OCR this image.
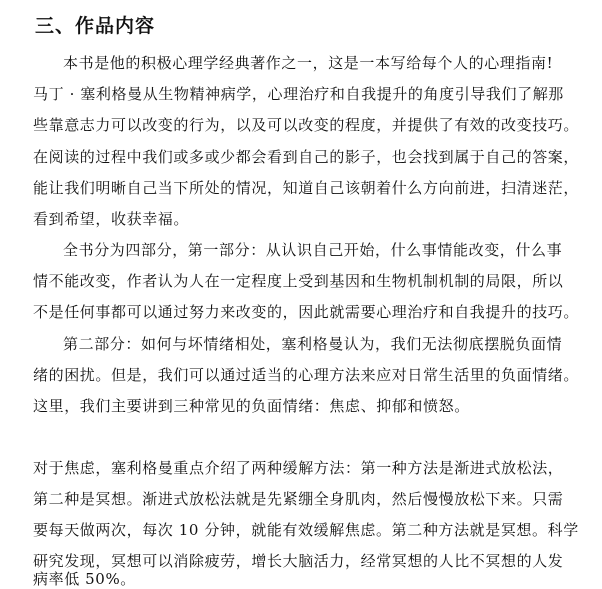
三、作品内容
本书是他的积极心理学经典著作之一，这是一本写给每个人的心理指南!
马丁 · 塞利格曼从生物精神病学，心理治疗和自我提升的角度引导我们了解那
些靠意志力可以改变的行为，以及可以改变的程度，并提供了有效的改变技巧。
在阅读的过程中我们或多或少都会看到自己的影子，也会找到属于自己的答案，
能让我们明晰自己当下所处的情况，知道自己该朝着什么方向前进，扫清迷茫，
看到希望，收获幸福。
全书分为四部分，第一部分：从认识自己开始，什么事情能改变，什么事
情不能改变，作者认为人在一定程度上受到基因和生物机制机制的局限，所以
不是任何事都可以通过努力来改变的，因此就需要心理治疗和自我提升的技巧。
第二部分：如何与坏情绪相处，塞利格曼认为，我们无法彻底摆脱负面情
绪的困扰。但是，我们可以通过适当的心理方法来应对日常生活里的负面情绪。
这里，我们主要讲到三种常见的负面情绪：焦虑、抑郁和愤怒。
对于焦虑，塞利格曼重点介绍了两种缓解方法：第一种方法是渐进式放松法，
第二种是冥想。渐进式放松法就是先紧绷全身肌肉，然后慢慢放松下来。只需
要每天做两次，每次 10 分钟，就能有效缓解焦虑。第二种方法就是冥想。科学
研究发现，冥想可以消除疲劳，增长大脑活力，经常冥想的人比不冥想的人发
病率低 50%。
